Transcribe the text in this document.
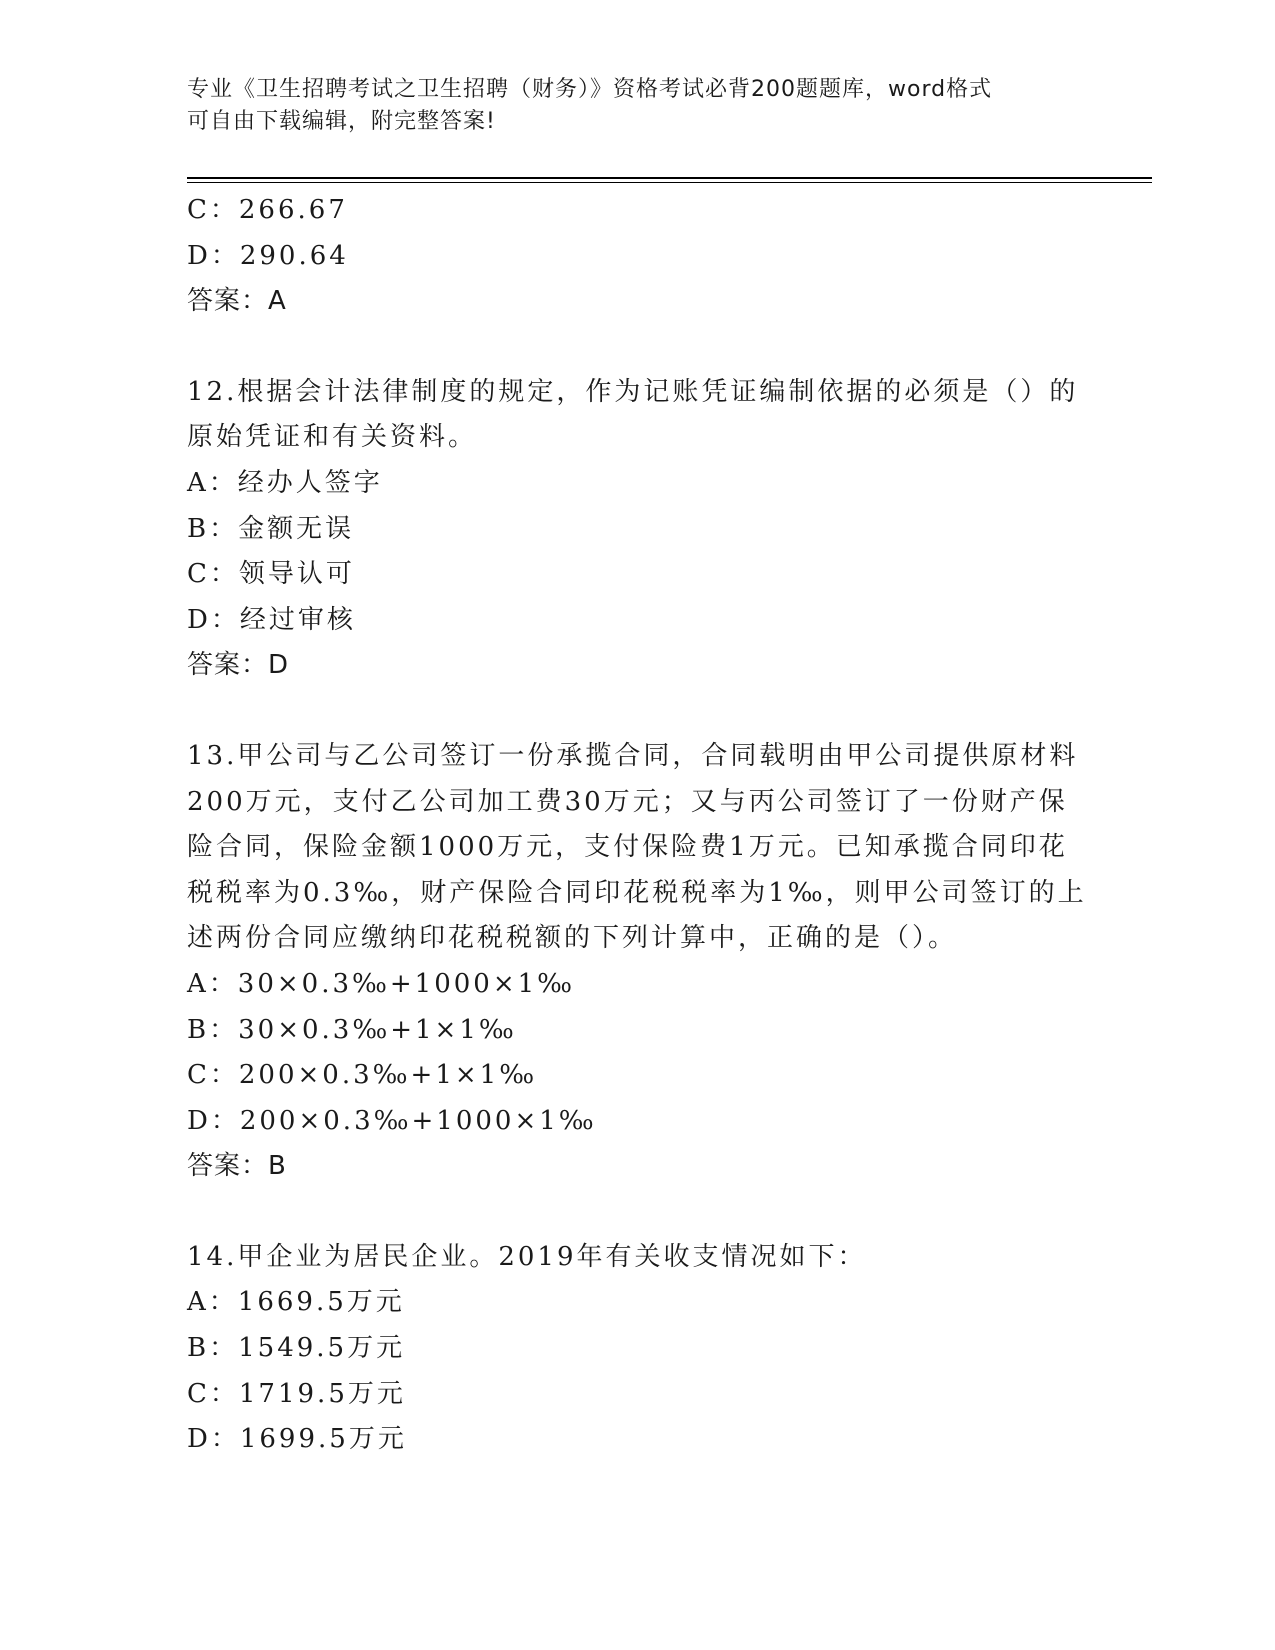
专业《卫生招聘考试之卫生招聘（财务）》资格考试必背200题题库，word格式
可自由下载编辑，附完整答案!
C：266.67
D：290.64
答案：A
12.根据会计法律制度的规定，作为记账凭证编制依据的必须是（）的
原始凭证和有关资料。
A：经办人签字
B：金额无误
C：领导认可
D：经过审核
答案：D
13.甲公司与乙公司签订一份承揽合同，合同载明由甲公司提供原材料
200万元，支付乙公司加工费30万元；又与丙公司签订了一份财产保
险合同，保险金额1000万元，支付保险费1万元。已知承揽合同印花
税税率为0.3‰，财产保险合同印花税税率为1‰，则甲公司签订的上
述两份合同应缴纳印花税税额的下列计算中，正确的是（）。
A：30×0.3‰+1000×1‰
B：30×0.3‰+1×1‰
C：200×0.3‰+1×1‰
D：200×0.3‰+1000×1‰
答案：B
14.甲企业为居民企业。2019年有关收支情况如下：
A：1669.5万元
B：1549.5万元
C：1719.5万元
D：1699.5万元
